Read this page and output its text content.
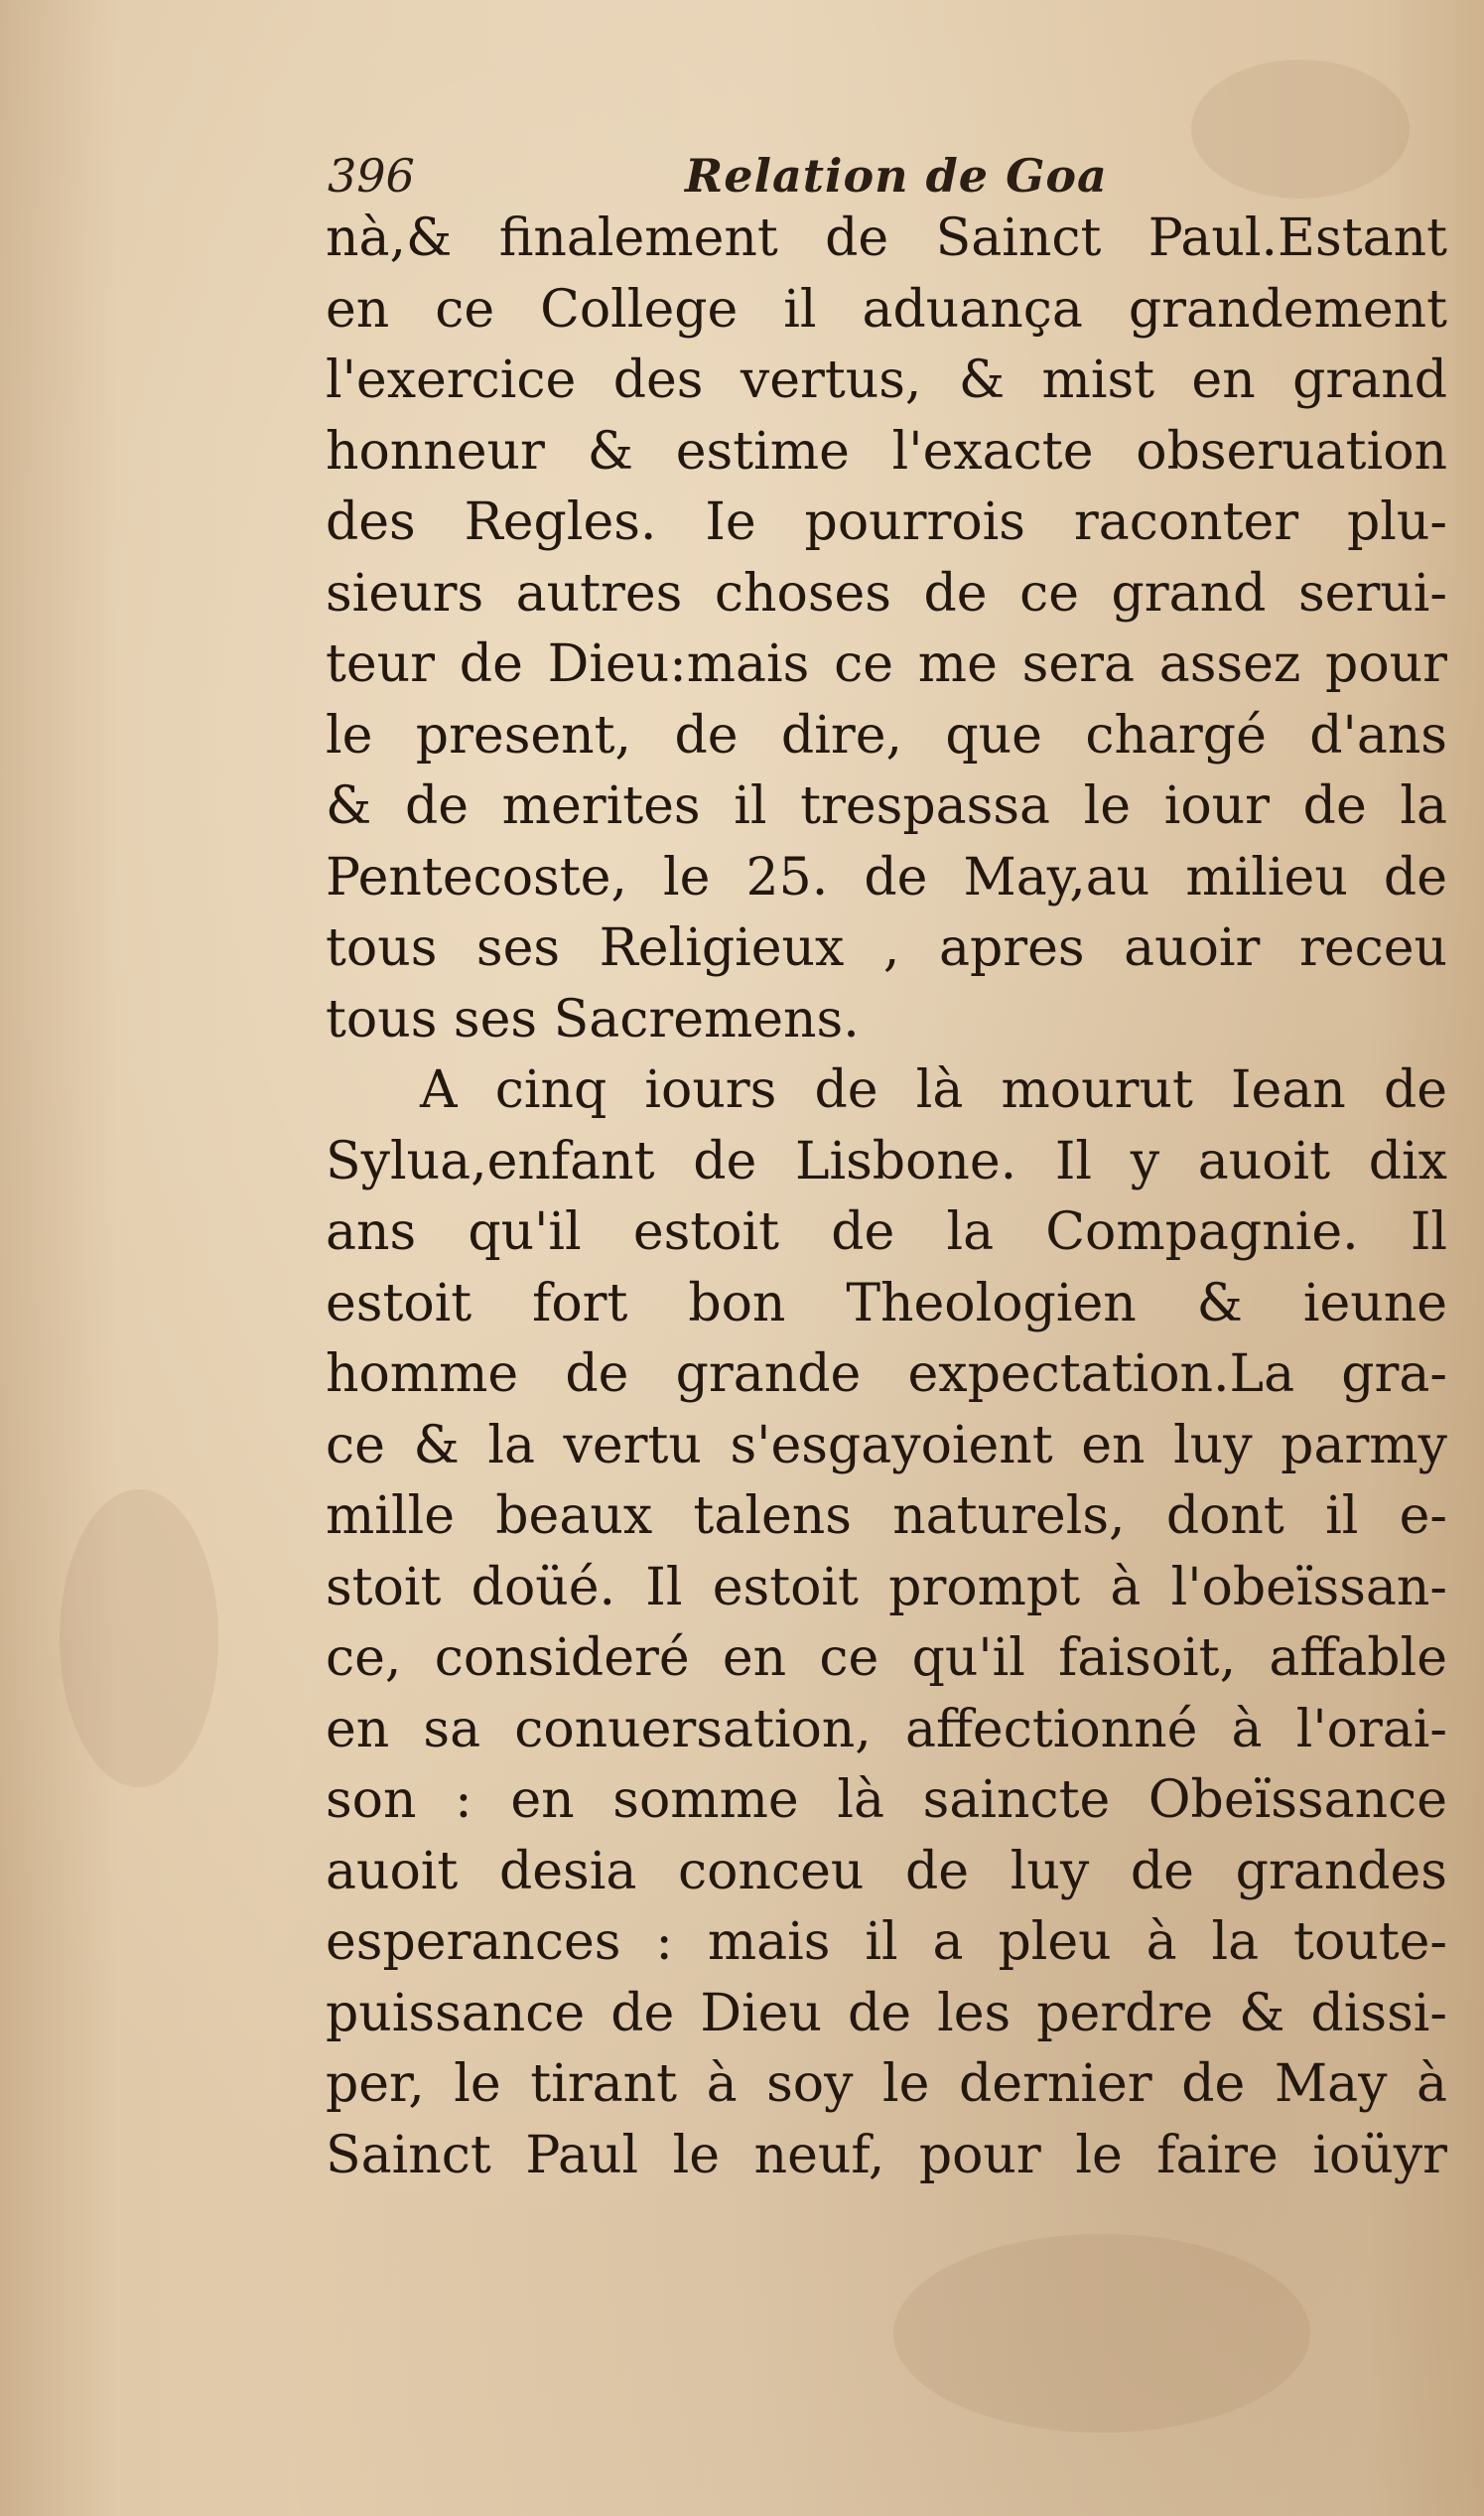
396	Relation de Goa
nà,& finalement de Sainct Paul.Estant
en ce College il aduança grandement
l'exercice des vertus, & mist en grand
honneur & estime l'exacte obseruation
des Regles. Ie pourrois raconter plu-
sieurs autres choses de ce grand serui-
teur de Dieu:mais ce me sera assez pour
le present, de dire, que chargé d'ans
& de merites il trespassa le iour de la
Pentecoste, le 25. de May,au milieu de
tous ses Religieux , apres auoir receu
tous ses Sacremens.
A cinq iours de là mourut Iean de
Sylua,enfant de Lisbone. Il y auoit dix
ans qu'il estoit de la Compagnie. Il
estoit fort bon Theologien & ieune
homme de grande expectation.La gra-
ce & la vertu s'esgayoient en luy parmy
mille beaux talens naturels, dont il e-
stoit doüé. Il estoit prompt à l'obeïssan-
ce, consideré en ce qu'il faisoit, affable
en sa conuersation, affectionné à l'orai-
son : en somme là saincte Obeïssance
auoit desia conceu de luy de grandes
esperances : mais il a pleu à la toute-
puissance de Dieu de les perdre & dissi-
per, le tirant à soy le dernier de May à
Sainct Paul le neuf, pour le faire ioüyr
